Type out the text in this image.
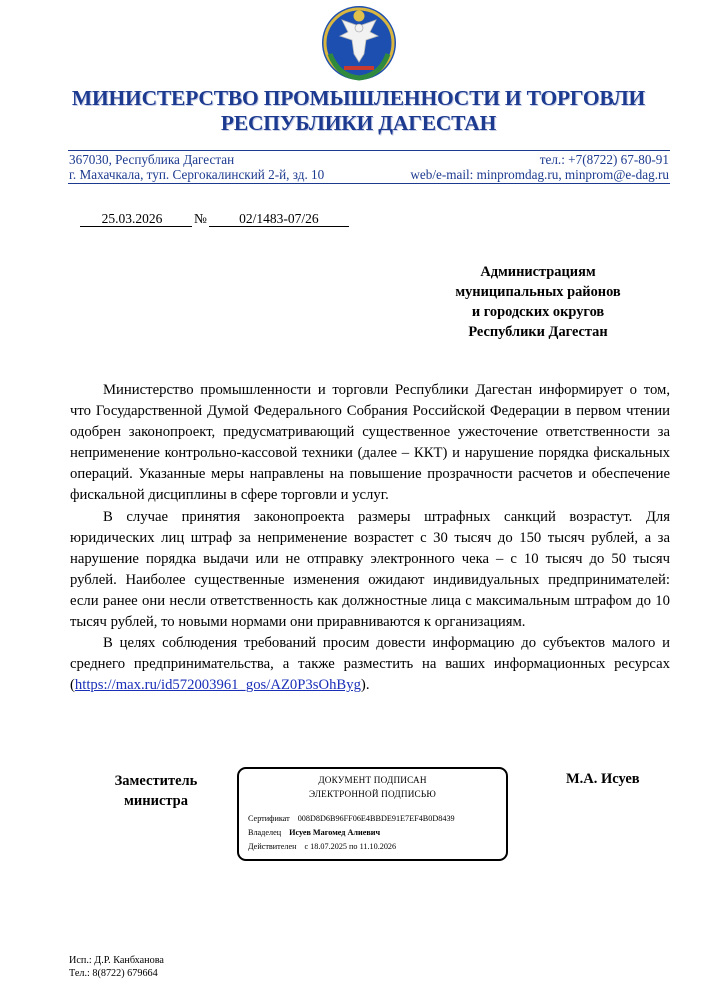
МИНИСТЕРСТВО ПРОМЫШЛЕННОСТИ И ТОРГОВЛИ
РЕСПУБЛИКИ ДАГЕСТАН
367030, Республика Дагестан
г. Махачкала, туп. Сергокалинский 2-й, зд. 10
тел.: +7(8722) 67-80-91
web/e-mail: minpromdag.ru, minprom@e-dag.ru
25.03.2026 № 02/1483-07/26
Администрациям
муниципальных районов
и городских округов
Республики Дагестан

Министерство промышленности и торговли Республики Дагестан информирует о том, что Государственной Думой Федерального Собрания Российской Федерации в первом чтении одобрен законопроект, предусматривающий существенное ужесточение ответственности за неприменение контрольно-кассовой техники (далее – ККТ) и нарушение порядка фискальных операций. Указанные меры направлены на повышение прозрачности расчетов и обеспечение фискальной дисциплины в сфере торговли и услуг.

В случае принятия законопроекта размеры штрафных санкций возрастут. Для юридических лиц штраф за неприменение возрастет с 30 тысяч до 150 тысяч рублей, а за нарушение порядка выдачи или не отправку электронного чека – с 10 тысяч до 50 тысяч рублей. Наиболее существенные изменения ожидают индивидуальных предпринимателей: если ранее они несли ответственность как должностные лица с максимальным штрафом до 10 тысяч рублей, то новыми нормами они приравниваются к организациям.

В целях соблюдения требований просим довести информацию до субъектов малого и среднего предпринимательства, а также разместить на ваших информационных ресурсах (https://max.ru/id572003961_gos/AZ0P3sOhByg).

Заместитель
министра
ДОКУМЕНТ ПОДПИСАН
ЭЛЕКТРОННОЙ ПОДПИСЬЮ
Сертификат 008D8D6B96FF06E4BBDE91E7EF4B0D8439
Владелец Исуев Магомед Алиевич
Действителен с 18.07.2025 по 11.10.2026
М.А. Исуев
Исп.: Д.Р. Канбханова
Тел.: 8(8722) 679664
